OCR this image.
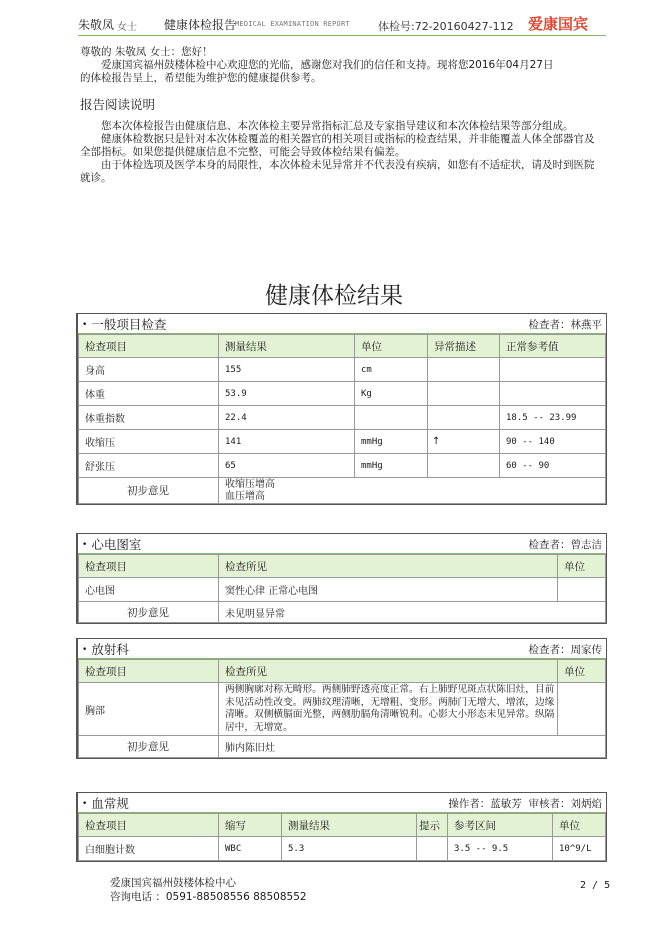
朱敬凤 女士 健康体检报告
MEDICAL EXAMINATION REPORT	体检号:72-20160427-112 爱康国宾

尊敬的 朱敬凤 女士：您好！

爱康国宾福州鼓楼体检中心欢迎您的光临，感谢您对我们的信任和支持。现将您2016年04月27日

的体检报告呈上，希望能为维护您的健康提供参考。

报告阅读说明

您本次体检报告由健康信息、本次体检主要异常指标汇总及专家指导建议和本次体检结果等部分组成。

健康体检数据只是针对本次体检覆盖的相关器官的相关项目或指标的检查结果，并非能覆盖人体全部器官及全部指标。如果您提供健康信息不完整，可能会导致体检结果有偏差。

由于体检选项及医学本身的局限性，本次体检未见异常并不代表没有疾病，如您有不适症状，请及时到医院就诊。

健康体检结果
• 一般项目检查	检查者：林燕平
检查项目	测量结果	单位	异常描述	正常参考值
身高	155	cm		
体重	53.9	Kg		
体重指数	22.4			18.5 -- 23.99
收缩压	141	mmHg	↑	90 -- 140
舒张压	65	mmHg		60 -- 90
初步意见	收缩压增高
血压增高			
• 心电图室	检查者：曾志洁
检查项目	检查所见	单位
心电图	窦性心律 正常心电图	
初步意见	未见明显异常	
• 放射科	检查者：周家传
检查项目	检查所见	单位
胸部	两侧胸廓对称无畸形。两侧肺野透亮度正常。右上肺野见斑点状陈旧灶，目前未见活动性改变。两肺纹理清晰，无增粗、变形。两肺门无增大、增浓，边缘清晰。双侧横膈面光整，两侧肋膈角清晰锐利。心影大小形态未见异常。纵隔居中，无增宽。	
初步意见	肺内陈旧灶	
• 血常规	操作者：蓝敏芳 审核者：刘炳焰
检查项目	缩写	测量结果	提示	参考区间	单位
白细胞计数	WBC	5.3		3.5 -- 9.5	10^9/L
爱康国宾福州鼓楼体检中心
咨询电话 ：0591-88508556 88508552
2 / 5
